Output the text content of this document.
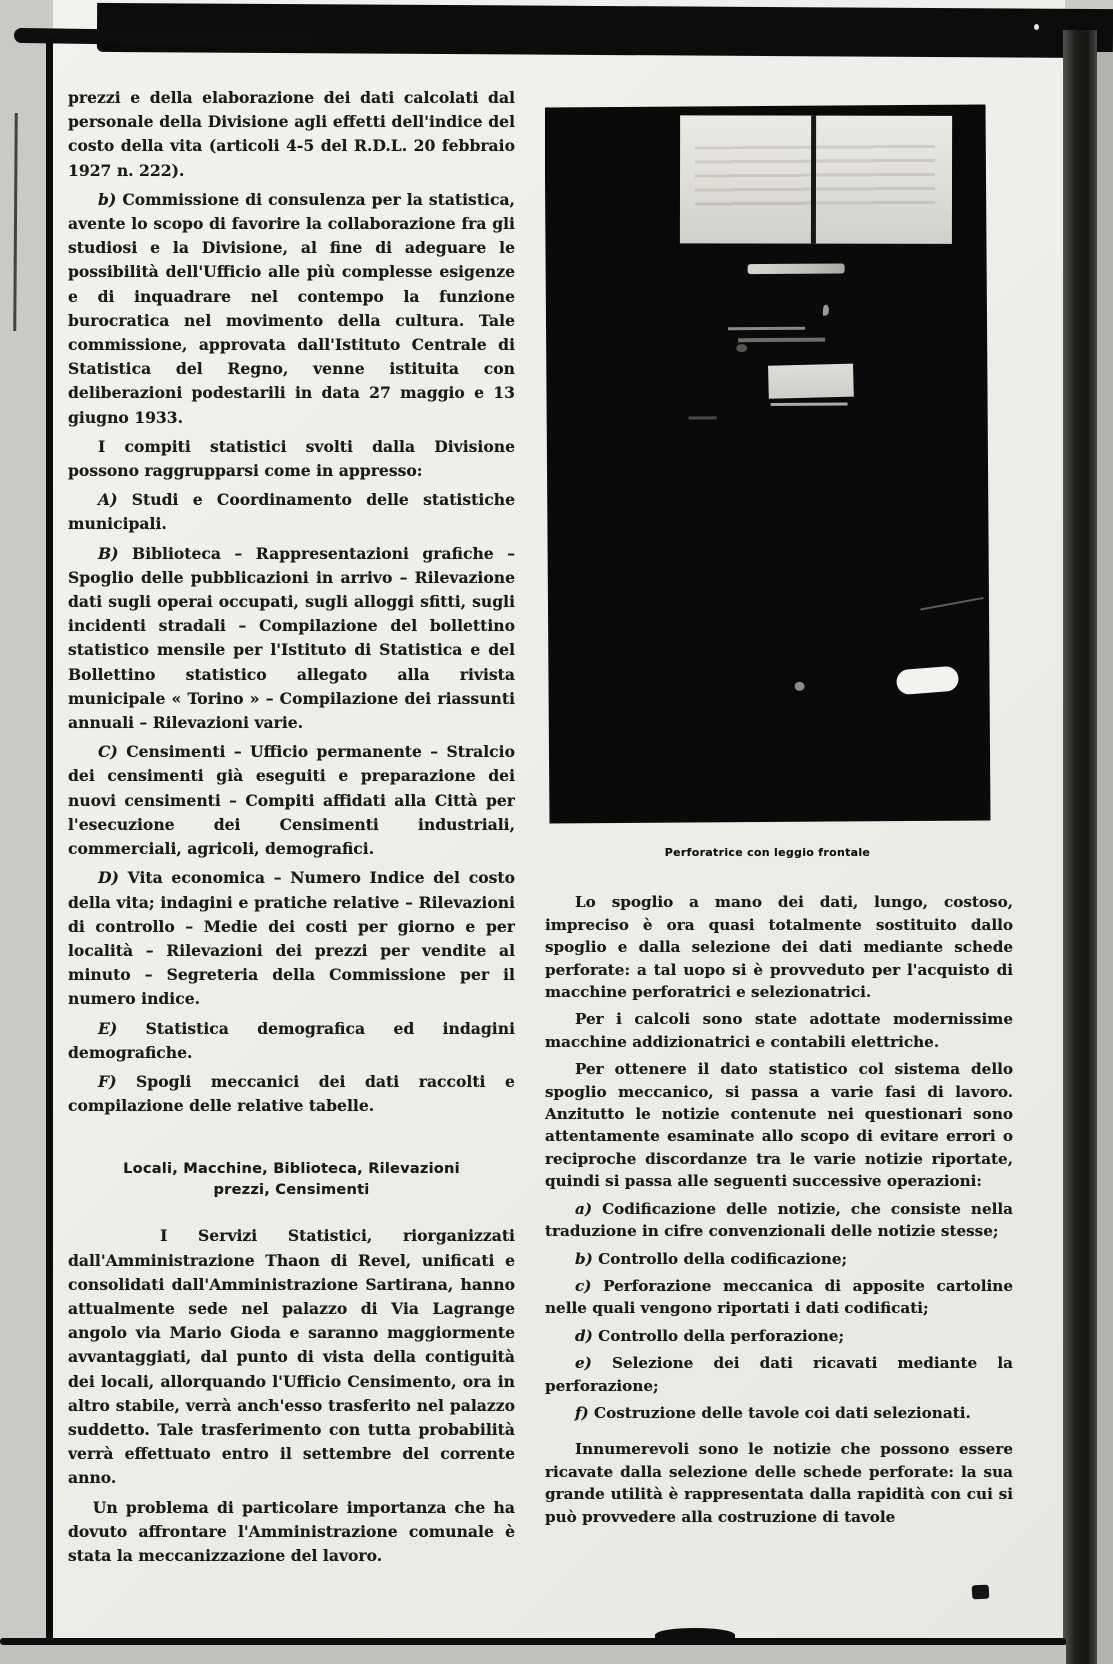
prezzi e della elaborazione dei dati calcolati dal personale della Divisione agli effetti dell'indice del costo della vita (articoli 4-5 del R.D.L. 20 febbraio 1927 n. 222).

b) Commissione di consulenza per la statistica, avente lo scopo di favorire la collaborazione fra gli studiosi e la Divisione, al fine di adeguare le possibilità dell'Ufficio alle più complesse esigenze e di inquadrare nel contempo la funzione burocratica nel movimento della cultura. Tale commissione, approvata dall'Istituto Centrale di Statistica del Regno, venne istituita con deliberazioni podestarili in data 27 maggio e 13 giugno 1933.

I compiti statistici svolti dalla Divisione possono raggrupparsi come in appresso:

A) Studi e Coordinamento delle statistiche municipali.

B) Biblioteca – Rappresentazioni grafiche – Spoglio delle pubblicazioni in arrivo – Rilevazione dati sugli operai occupati, sugli alloggi sfitti, sugli incidenti stradali – Compilazione del bollettino statistico mensile per l'Istituto di Statistica e del Bollettino statistico allegato alla rivista municipale « Torino » – Compilazione dei riassunti annuali – Rilevazioni varie.

C) Censimenti – Ufficio permanente – Stralcio dei censimenti già eseguiti e preparazione dei nuovi censimenti – Compiti affidati alla Città per l'esecuzione dei Censimenti industriali, commerciali, agricoli, demografici.

D) Vita economica – Numero Indice del costo della vita; indagini e pratiche relative – Rilevazioni di controllo – Medie dei costi per giorno e per località – Rilevazioni dei prezzi per vendite al minuto – Segreteria della Commissione per il numero indice.

E) Statistica demografica ed indagini demografiche.

F) Spogli meccanici dei dati raccolti e compilazione delle relative tabelle.

Locali, Macchine, Biblioteca, Rilevazioni prezzi, Censimenti

I Servizi Statistici, riorganizzati dall'Amministrazione Thaon di Revel, unificati e consolidati dall'Amministrazione Sartirana, hanno attualmente sede nel palazzo di Via Lagrange angolo via Mario Gioda e saranno maggiormente avvantaggiati, dal punto di vista della contiguità dei locali, allorquando l'Ufficio Censimento, ora in altro stabile, verrà anch'esso trasferito nel palazzo suddetto. Tale trasferimento con tutta probabilità verrà effettuato entro il settembre del corrente anno.

Un problema di particolare importanza che ha dovuto affrontare l'Amministrazione comunale è stata la meccanizzazione del lavoro.

Perforatrice con leggio frontale

Lo spoglio a mano dei dati, lungo, costoso, impreciso è ora quasi totalmente sostituito dallo spoglio e dalla selezione dei dati mediante schede perforate: a tal uopo si è provveduto per l'acquisto di macchine perforatrici e selezionatrici.

Per i calcoli sono state adottate modernissime macchine addizionatrici e contabili elettriche.

Per ottenere il dato statistico col sistema dello spoglio meccanico, si passa a varie fasi di lavoro. Anzitutto le notizie contenute nei questionari sono attentamente esaminate allo scopo di evitare errori o reciproche discordanze tra le varie notizie riportate, quindi si passa alle seguenti successive operazioni:

a) Codificazione delle notizie, che consiste nella traduzione in cifre convenzionali delle notizie stesse;

b) Controllo della codificazione;

c) Perforazione meccanica di apposite cartoline nelle quali vengono riportati i dati codificati;

d) Controllo della perforazione;

e) Selezione dei dati ricavati mediante la perforazione;

f) Costruzione delle tavole coi dati selezionati.

Innumerevoli sono le notizie che possono essere ricavate dalla selezione delle schede perforate: la sua grande utilità è rappresentata dalla rapidità con cui si può provvedere alla costruzione di tavole
